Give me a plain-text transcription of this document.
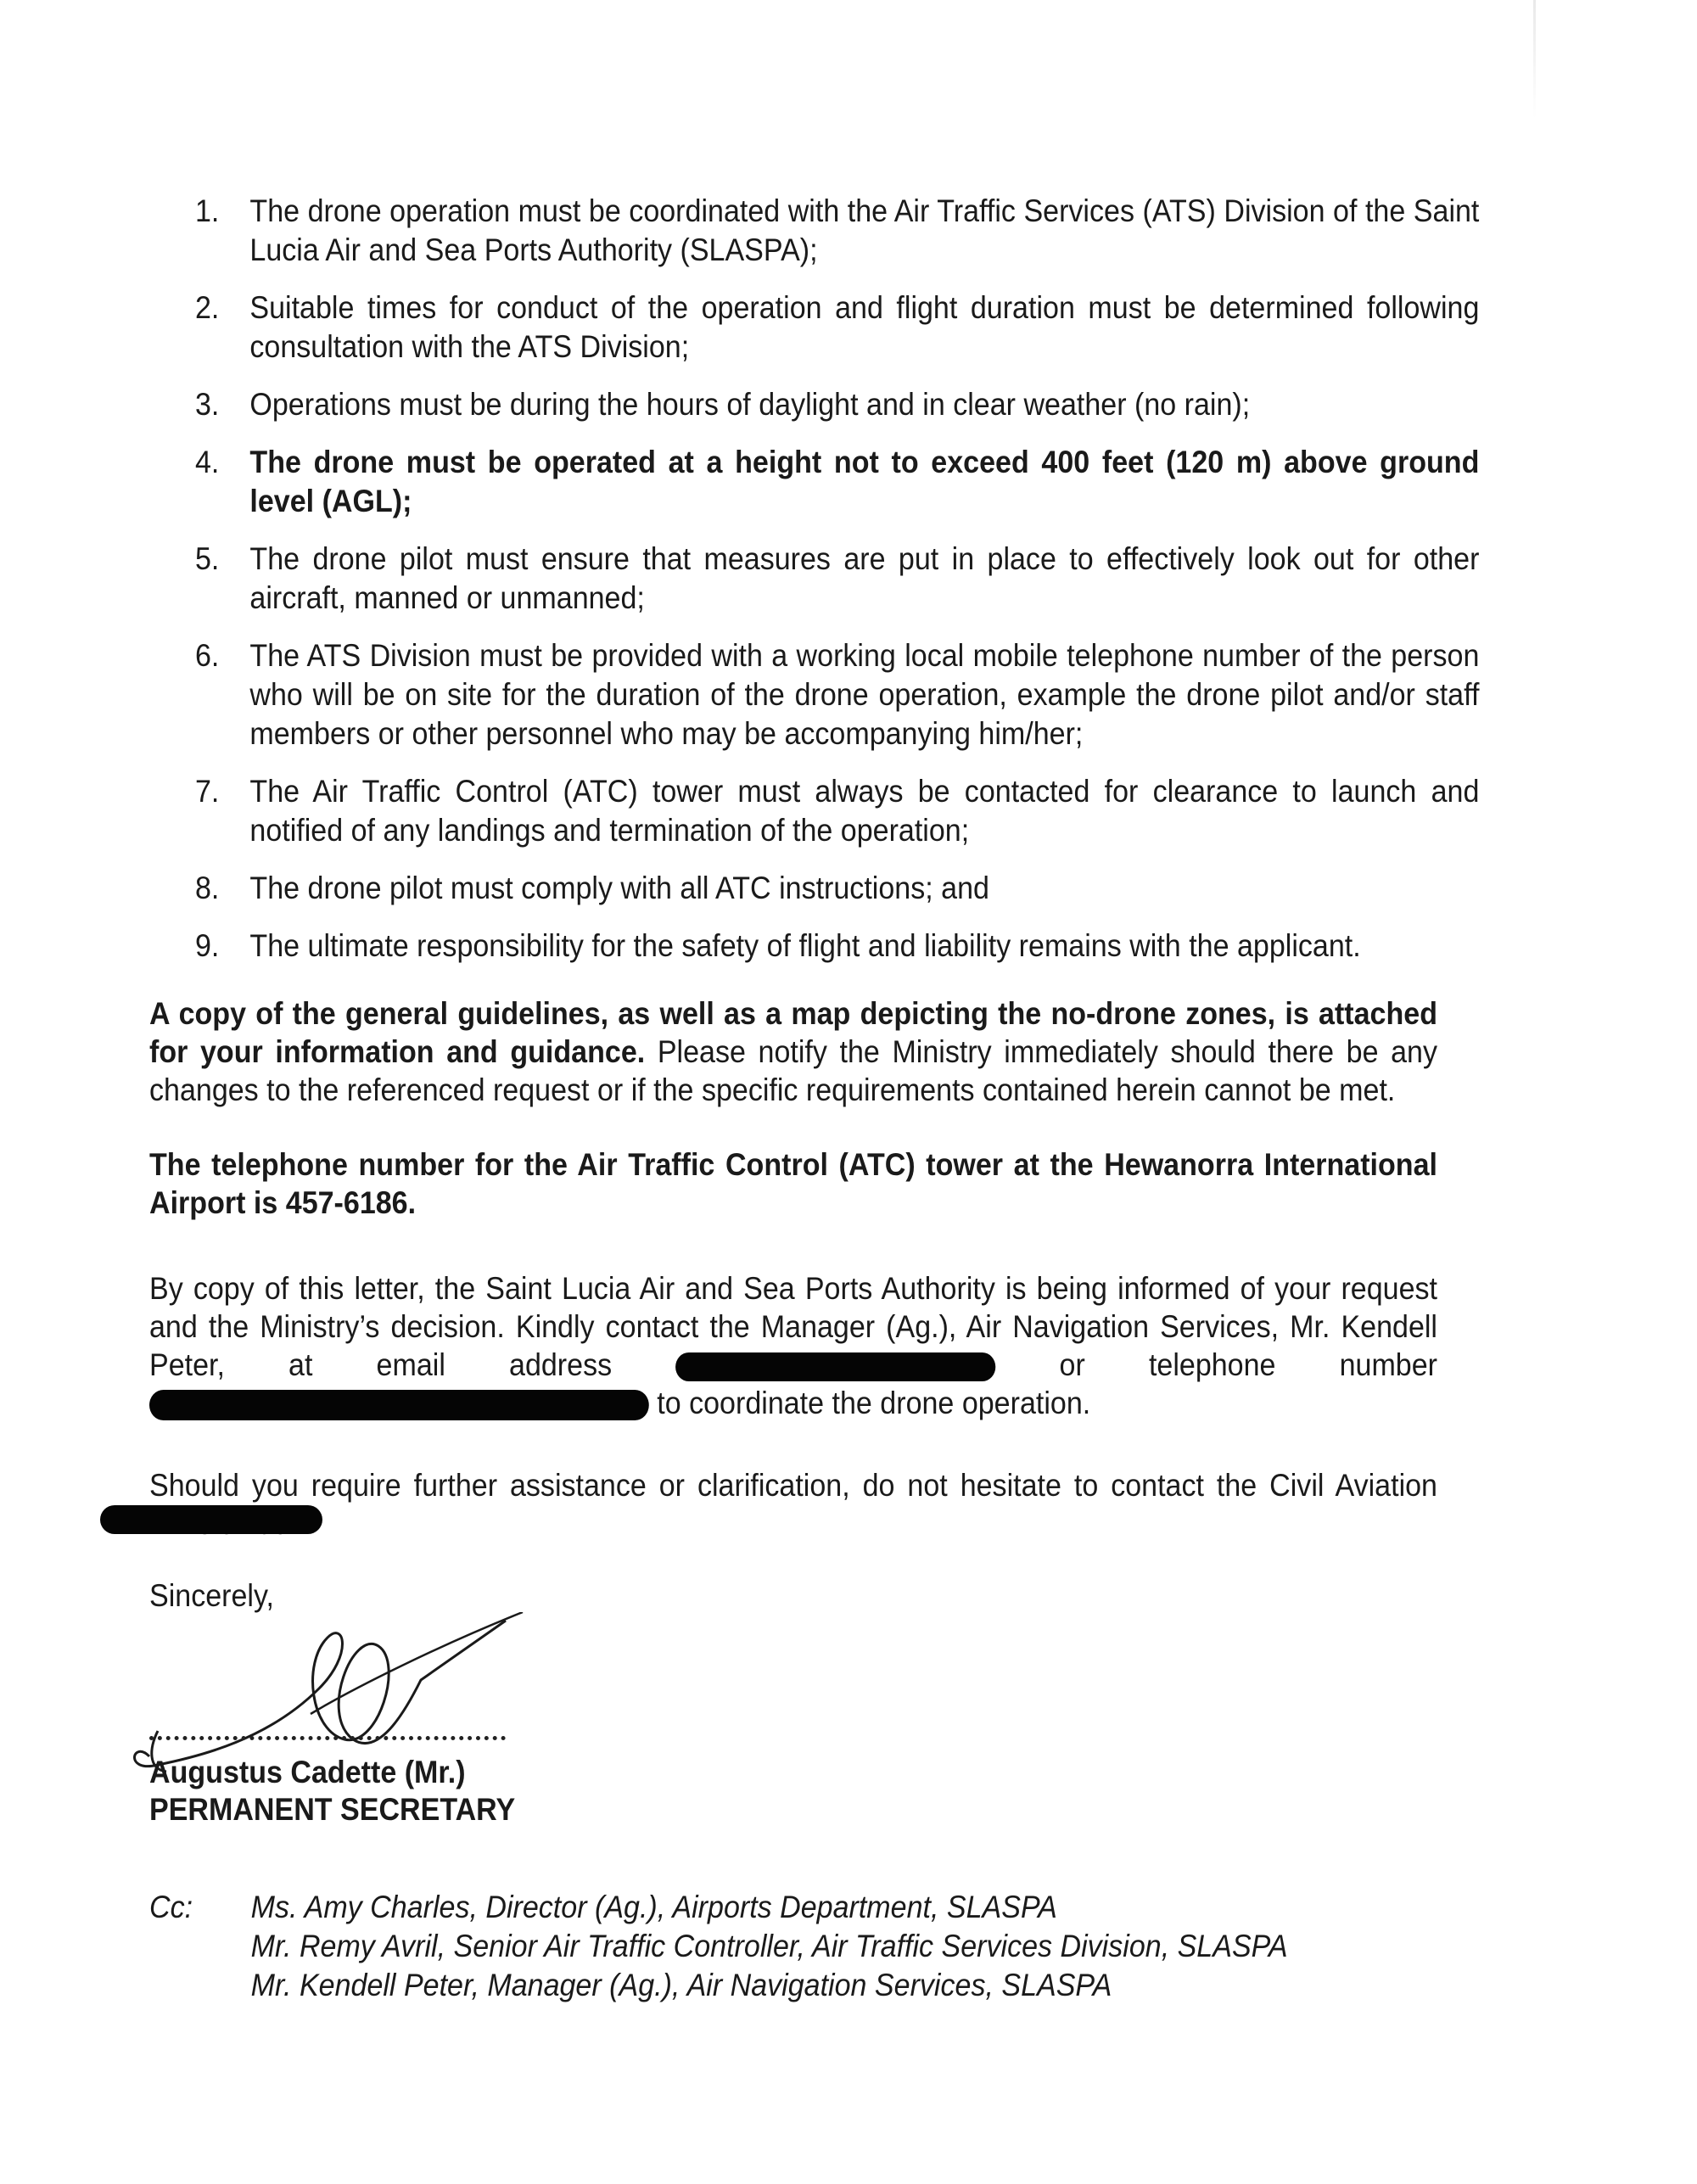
1. The drone operation must be coordinated with the Air Traffic Services (ATS) Division of the Saint Lucia Air and Sea Ports Authority (SLASPA);
2. Suitable times for conduct of the operation and flight duration must be determined following consultation with the ATS Division;
3. Operations must be during the hours of daylight and in clear weather (no rain);
4. The drone must be operated at a height not to exceed 400 feet (120 m) above ground level (AGL);
5. The drone pilot must ensure that measures are put in place to effectively look out for other aircraft, manned or unmanned;
6. The ATS Division must be provided with a working local mobile telephone number of the person who will be on site for the duration of the drone operation, example the drone pilot and/or staff members or other personnel who may be accompanying him/her;
7. The Air Traffic Control (ATC) tower must always be contacted for clearance to launch and notified of any landings and termination of the operation;
8. The drone pilot must comply with all ATC instructions; and
9. The ultimate responsibility for the safety of flight and liability remains with the applicant.

A copy of the general guidelines, as well as a map depicting the no-drone zones, is attached for your information and guidance. Please notify the Ministry immediately should there be any changes to the referenced request or if the specific requirements contained herein cannot be met.

The telephone number for the Air Traffic Control (ATC) tower at the Hewanorra International Airport is 457-6186.

By copy of this letter, the Saint Lucia Air and Sea Ports Authority is being informed of your request and the Ministry’s decision. Kindly contact the Manager (Ag.), Air Navigation Services, Mr. Kendell Peter, at email address	or telephone number  to coordinate the drone operation.

Should you require further assistance or clarification, do not hesitate to contact the Civil Aviation

Sincerely,
Augustus Cadette (Mr.)
PERMANENT SECRETARY
Cc: Ms. Amy Charles, Director (Ag.), Airports Department, SLASPA
Mr. Remy Avril, Senior Air Traffic Controller, Air Traffic Services Division, SLASPA
Mr. Kendell Peter, Manager (Ag.), Air Navigation Services, SLASPA
